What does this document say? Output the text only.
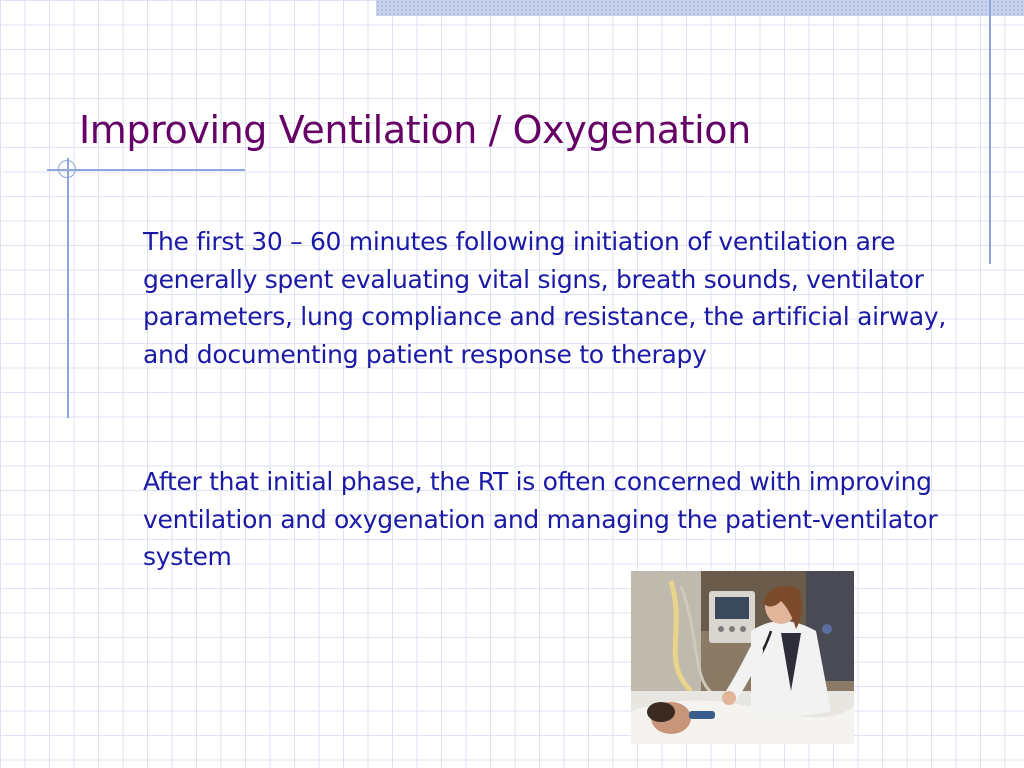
Improving Ventilation / Oxygenation

The first 30 – 60 minutes following initiation of ventilation are generally spent evaluating vital signs, breath sounds, ventilator parameters, lung compliance and resistance, the artificial airway, and documenting patient response to therapy

After that initial phase, the RT is often concerned with improving ventilation and oxygenation and managing the patient-ventilator system
